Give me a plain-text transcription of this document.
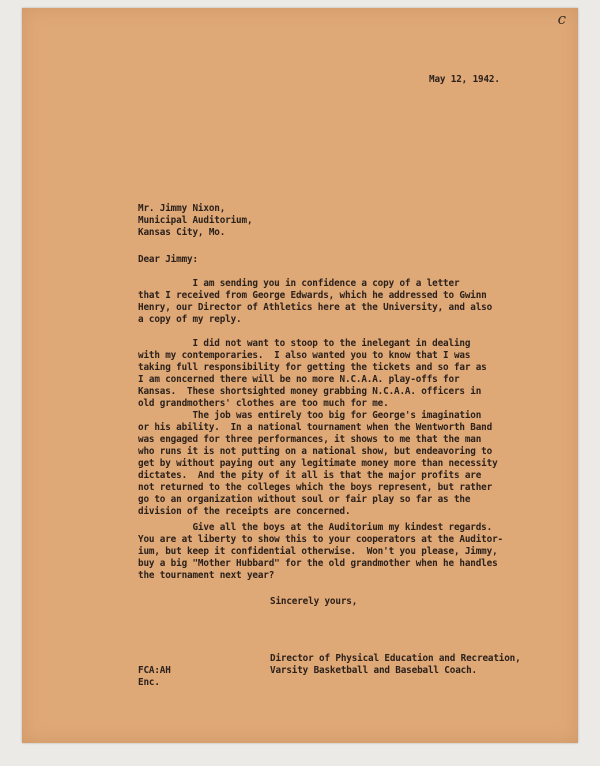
c
May 12, 1942.
Mr. Jimmy Nixon,
Municipal Auditorium,
Kansas City, Mo.
Dear Jimmy:
I am sending you in confidence a copy of a letter
that I received from George Edwards, which he addressed to Gwinn
Henry, our Director of Athletics here at the University, and also
a copy of my reply.
I did not want to stoop to the inelegant in dealing
with my contemporaries.  I also wanted you to know that I was
taking full responsibility for getting the tickets and so far as
I am concerned there will be no more N.C.A.A. play-offs for
Kansas.  These shortsighted money grabbing N.C.A.A. officers in
old grandmothers' clothes are too much for me.
The job was entirely too big for George's imagination
or his ability.  In a national tournament when the Wentworth Band
was engaged for three performances, it shows to me that the man
who runs it is not putting on a national show, but endeavoring to
get by without paying out any legitimate money more than necessity
dictates.  And the pity of it all is that the major profits are
not returned to the colleges which the boys represent, but rather
go to an organization without soul or fair play so far as the
division of the receipts are concerned.
Give all the boys at the Auditorium my kindest regards.
You are at liberty to show this to your cooperators at the Auditor-
ium, but keep it confidential otherwise.  Won't you please, Jimmy,
buy a big "Mother Hubbard" for the old grandmother when he handles
the tournament next year?
Sincerely yours,
Director of Physical Education and Recreation,
Varsity Basketball and Baseball Coach.
FCA:AH
Enc.
